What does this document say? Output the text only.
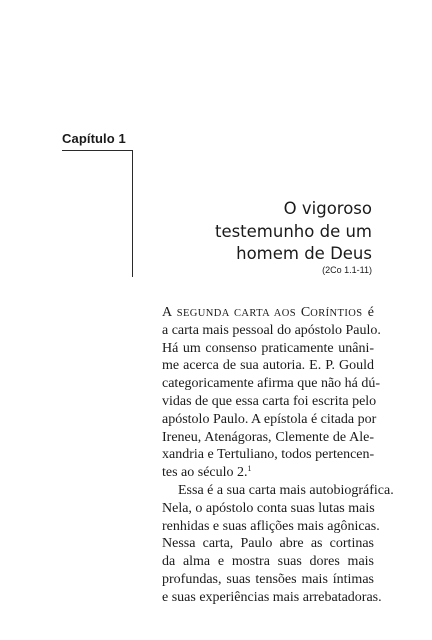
Capítulo 1
O vigoroso
testemunho de um
homem de Deus
(2Co 1.1-11)
A SEGUNDA CARTA AOS CORÍNTIOS é
a carta mais pessoal do apóstolo Paulo.
Há um consenso praticamente unâni-
me acerca de sua autoria. E. P. Gould
categoricamente afirma que não há dú-
vidas de que essa carta foi escrita pelo
apóstolo Paulo. A epístola é citada por
Ireneu, Atenágoras, Clemente de Ale-
xandria e Tertuliano, todos pertencen-
tes ao século 2.$^1$
Essa é a sua carta mais autobiográfica.
Nela, o apóstolo conta suas lutas mais
renhidas e suas aflições mais agônicas.
Nessa carta, Paulo abre as cortinas
da alma e mostra suas dores mais
profundas, suas tensões mais íntimas
e suas experiências mais arrebatadoras.
